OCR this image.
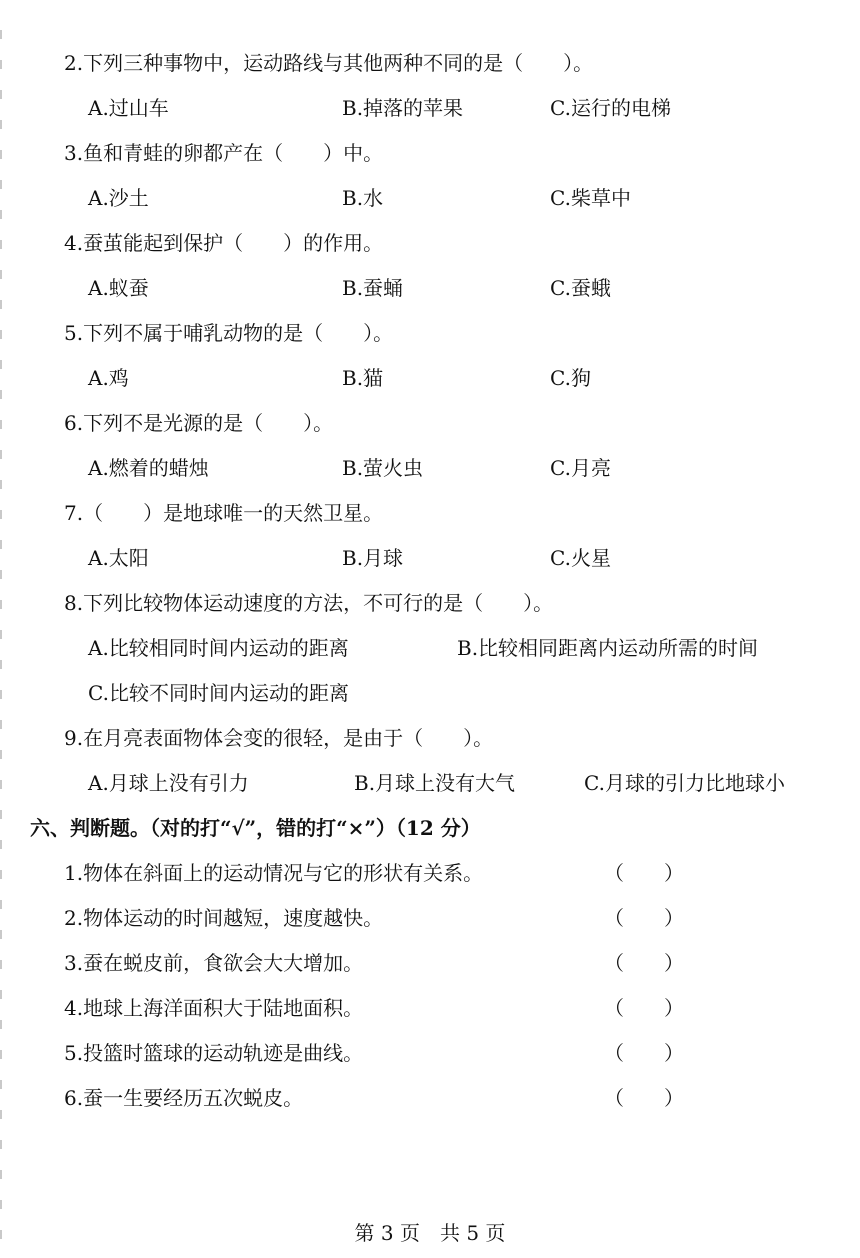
2.下列三种事物中，运动路线与其他两种不同的是（　　）。
A.过山车	B.掉落的苹果	C.运行的电梯
3.鱼和青蛙的卵都产在（　　）中。
A.沙土	B.水	C.柴草中
4.蚕茧能起到保护（　　）的作用。
A.蚁蚕	B.蚕蛹	C.蚕蛾
5.下列不属于哺乳动物的是（　　）。
A.鸡	B.猫	C.狗
6.下列不是光源的是（　　）。
A.燃着的蜡烛	B.萤火虫	C.月亮
7.（　　）是地球唯一的天然卫星。
A.太阳	B.月球	C.火星
8.下列比较物体运动速度的方法，不可行的是（　　）。
A.比较相同时间内运动的距离	B.比较相同距离内运动所需的时间
C.比较不同时间内运动的距离
9.在月亮表面物体会变的很轻，是由于（　　）。
A.月球上没有引力	B.月球上没有大气	C.月球的引力比地球小
六、判断题。（对的打“√”，错的打“×”）（12 分）
1.物体在斜面上的运动情况与它的形状有关系。	（　　）
2.物体运动的时间越短，速度越快。	（　　）
3.蚕在蜕皮前，食欲会大大增加。	（　　）
4.地球上海洋面积大于陆地面积。	（　　）
5.投篮时篮球的运动轨迹是曲线。	（　　）
6.蚕一生要经历五次蜕皮。	（　　）
第 3 页　共 5 页
